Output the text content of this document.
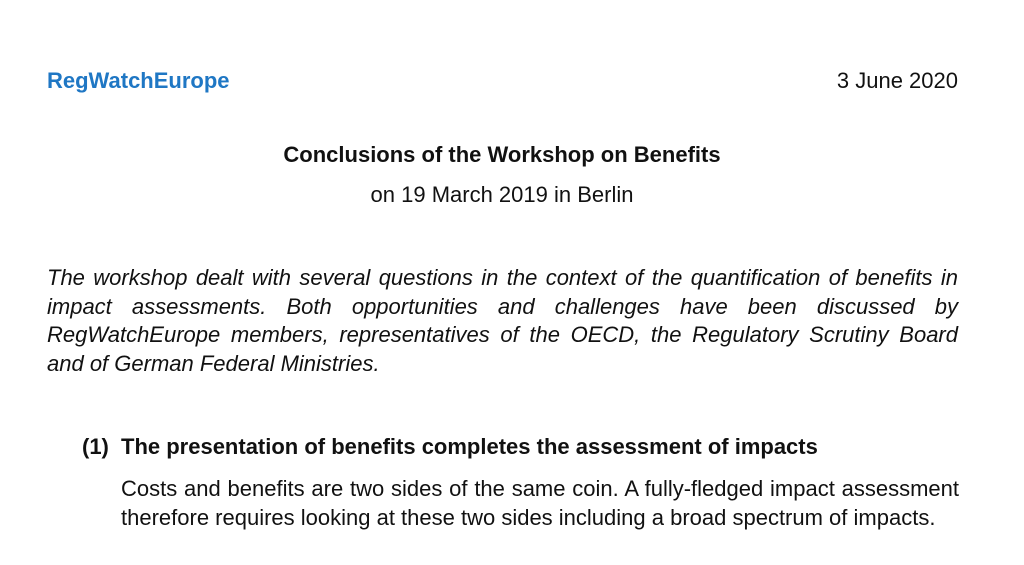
RegWatchEurope	3 June 2020
Conclusions of the Workshop on Benefits
on 19 March 2019 in Berlin

The workshop dealt with several questions in the context of the quantification of benefits in impact assessments. Both opportunities and challenges have been discussed by RegWatchEurope members, representatives of the OECD, the Regulatory Scrutiny Board and of German Federal Ministries.

(1) The presentation of benefits completes the assessment of impacts

Costs and benefits are two sides of the same coin. A fully-fledged impact assessment therefore requires looking at these two sides including a broad spectrum of impacts.
